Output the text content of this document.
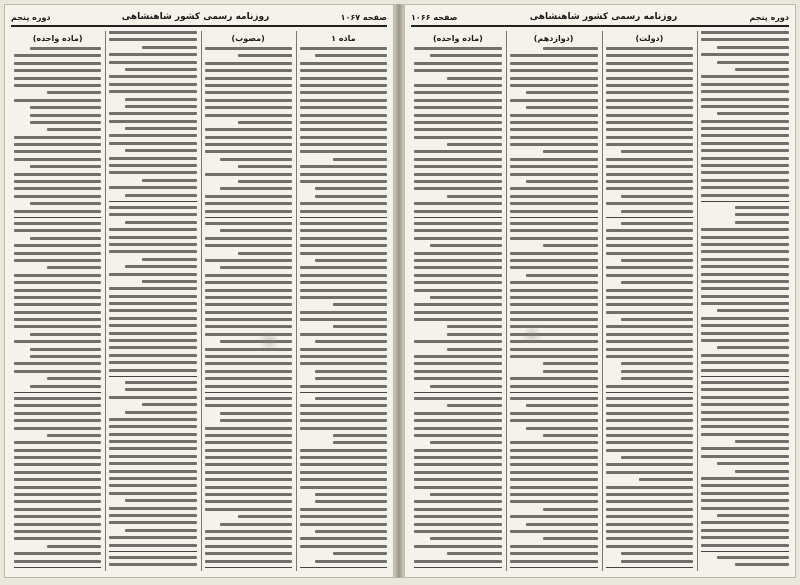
صفحه ۱۰۶۷
روزنامه رسمی کشور شاهنشاهی
دوره پنجم
ماده ۱
(مصوب)
(ماده واحده)
دوره پنجم
روزنامه رسمی کشور شاهنشاهی
صفحه ۱۰۶۶
(دولت)
(دوازدهم)
(ماده واحده)
